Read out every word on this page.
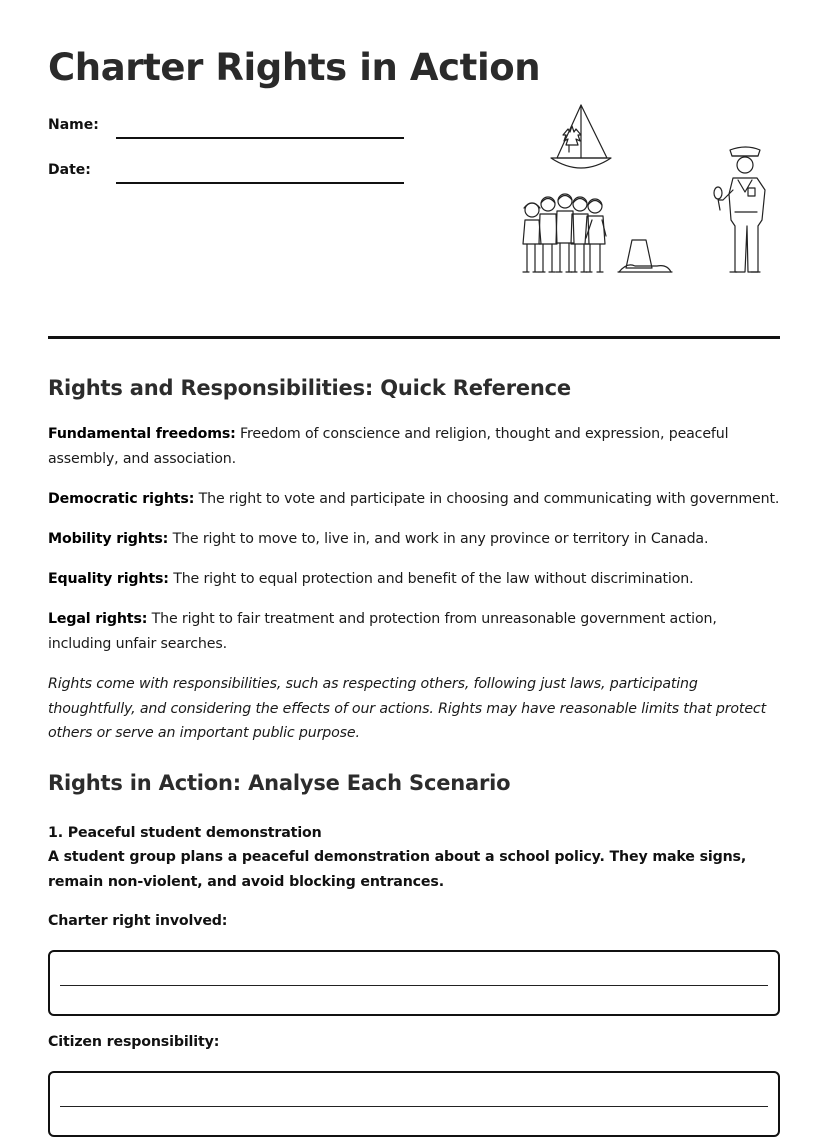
Charter Rights in Action
Name:
Date:
Rights and Responsibilities: Quick Reference

Fundamental freedoms: Freedom of conscience and religion, thought and expression, peaceful assembly, and association.

Democratic rights: The right to vote and participate in choosing and communicating with government.

Mobility rights: The right to move to, live in, and work in any province or territory in Canada.

Equality rights: The right to equal protection and benefit of the law without discrimination.

Legal rights: The right to fair treatment and protection from unreasonable government action, including unfair searches.

Rights come with responsibilities, such as respecting others, following just laws, participating thoughtfully, and considering the effects of our actions. Rights may have reasonable limits that protect others or serve an important public purpose.

Rights in Action: Analyse Each Scenario
1. Peaceful student demonstration
A student group plans a peaceful demonstration about a school policy. They make signs, remain non-violent, and avoid blocking entrances.
Charter right involved:
Citizen responsibility:
